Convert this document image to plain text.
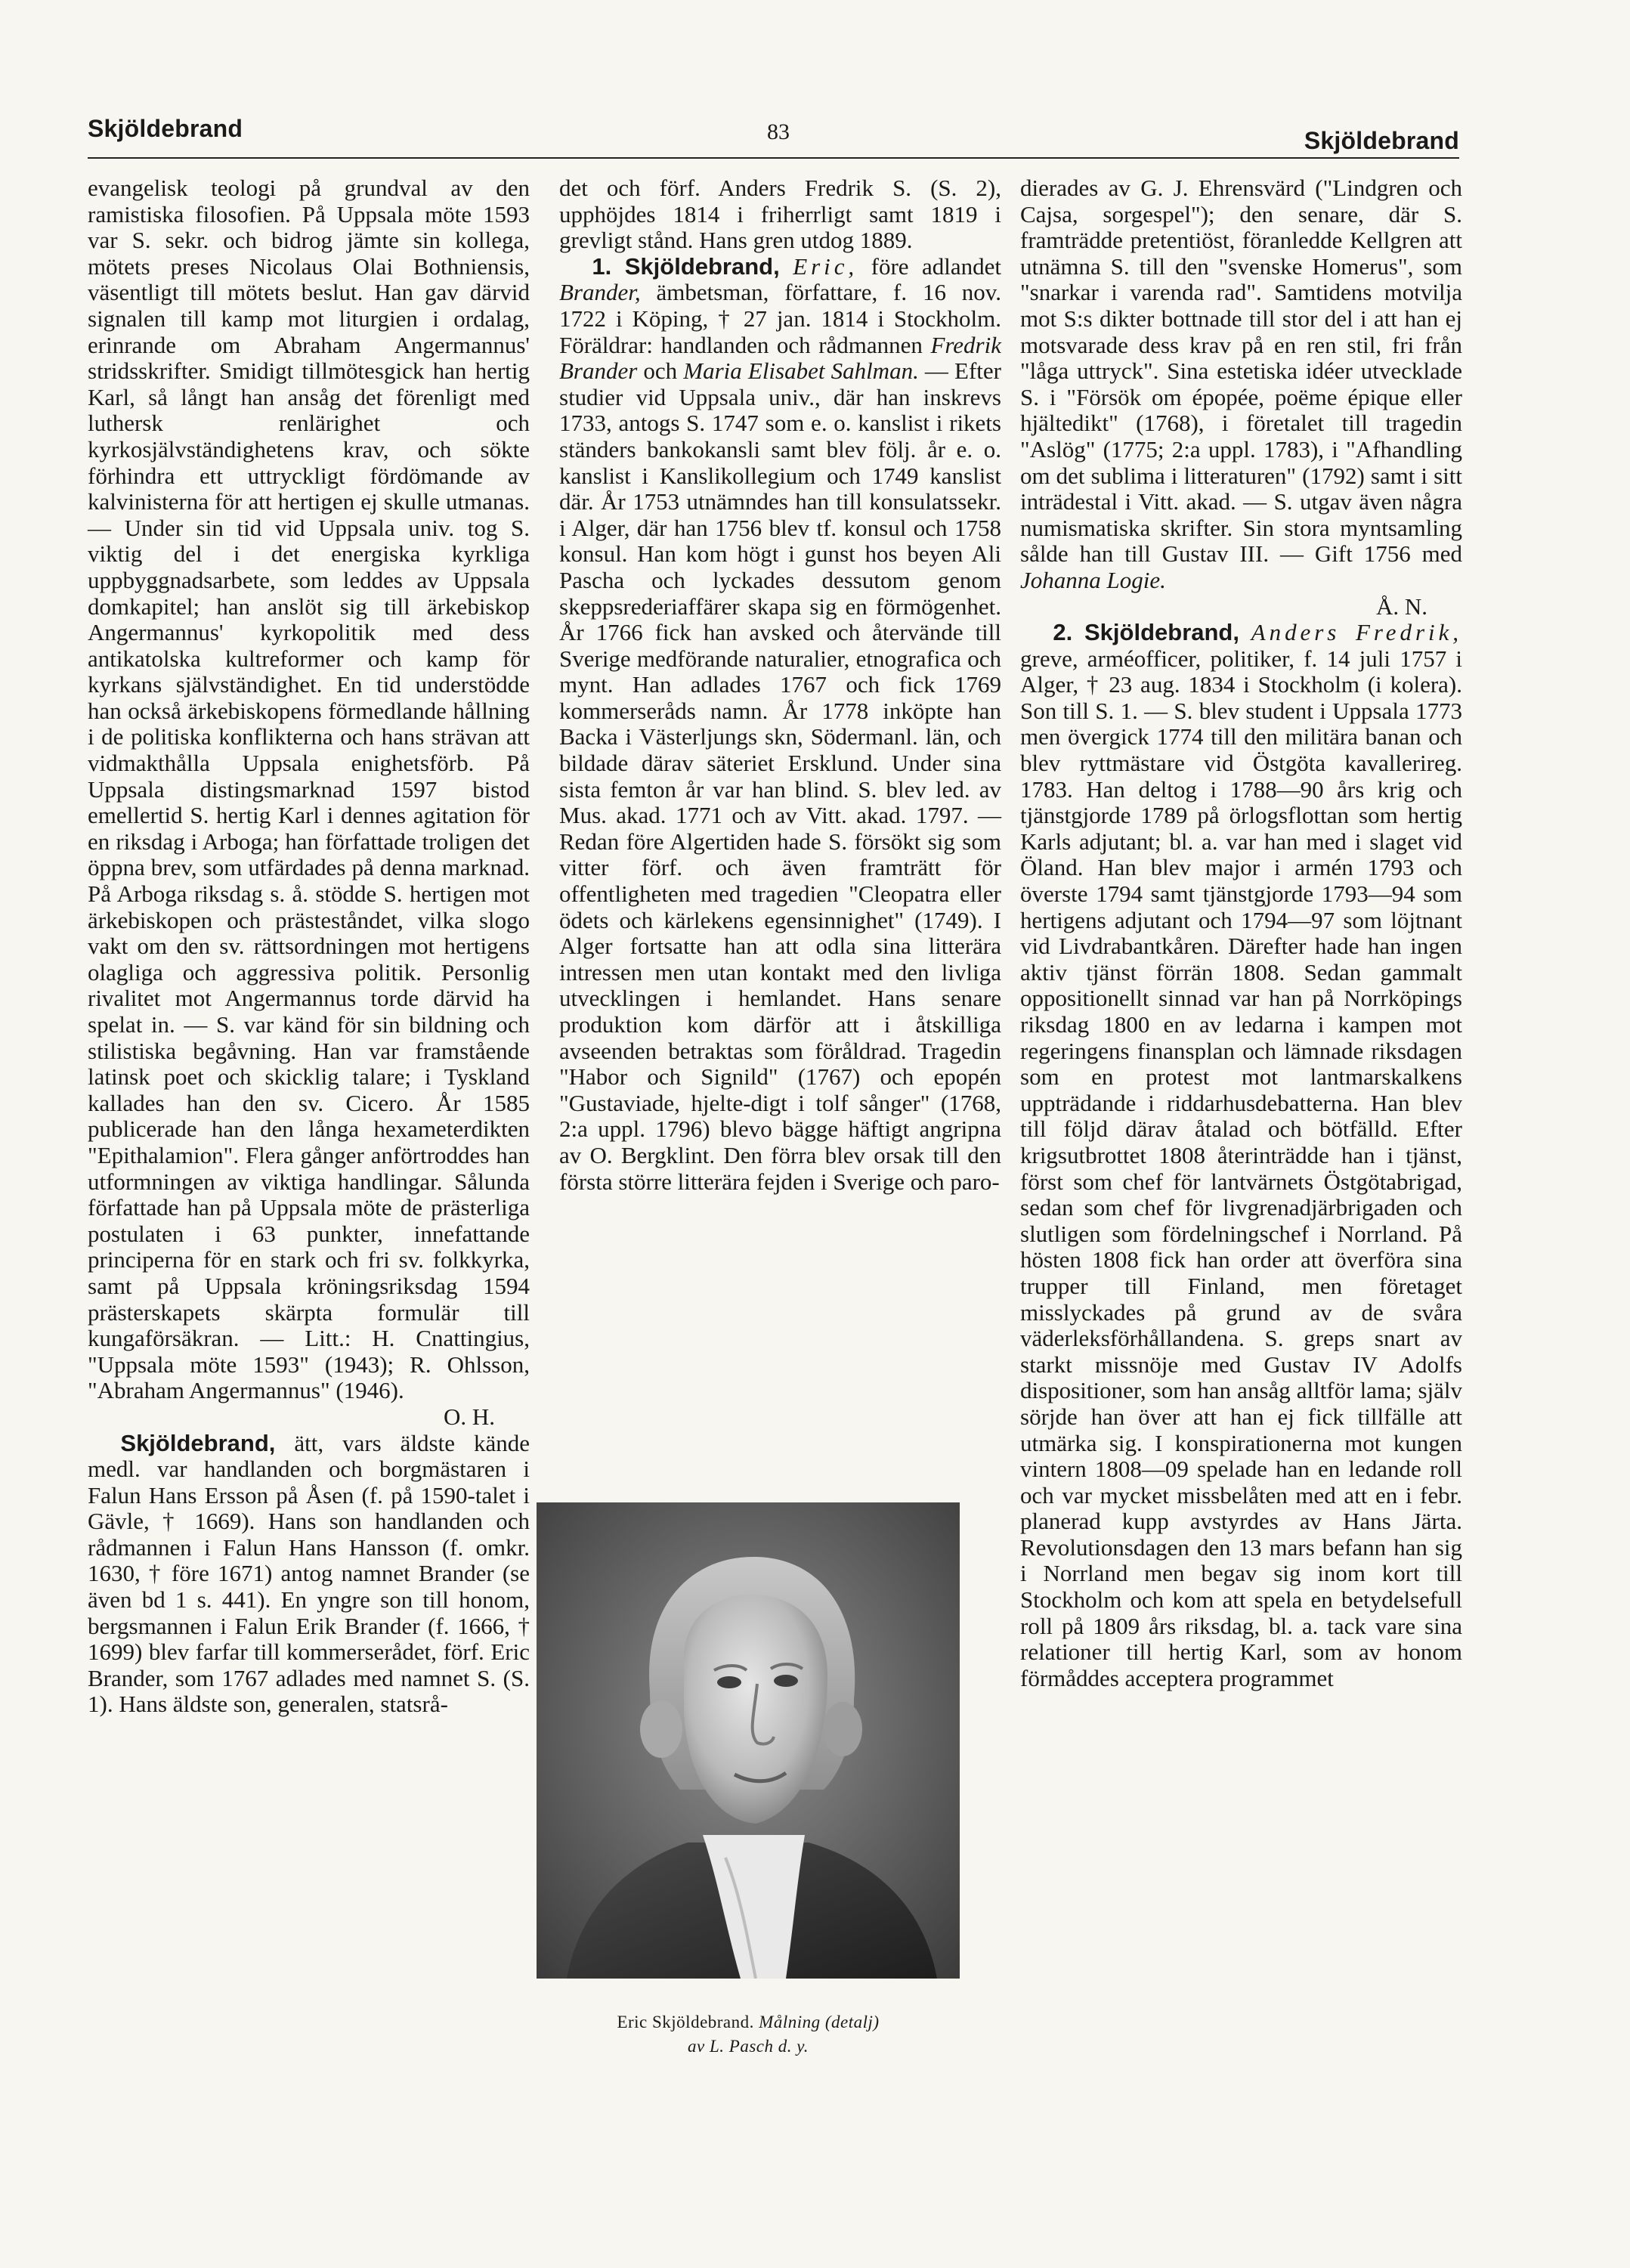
Skjöldebrand	83	Skjöldebrand

evangelisk teologi på grundval av den ramistiska filosofien. På Uppsala möte 1593 var S. sekr. och bidrog jämte sin kollega, mötets preses Nicolaus Olai Bothniensis, väsentligt till mötets beslut. Han gav därvid signalen till kamp mot liturgien i ordalag, erinrande om Abraham Angermannus' stridsskrifter. Smidigt tillmötesgick han hertig Karl, så långt han ansåg det förenligt med luthersk renlärighet och kyrkosjälvständighetens krav, och sökte förhindra ett uttryckligt fördömande av kalvinisterna för att hertigen ej skulle utmanas. — Under sin tid vid Uppsala univ. tog S. viktig del i det energiska kyrkliga uppbyggnadsarbete, som leddes av Uppsala domkapitel; han anslöt sig till ärkebiskop Angermannus' kyrkopolitik med dess antikatolska kultreformer och kamp för kyrkans självständighet. En tid understödde han också ärkebiskopens förmedlande hållning i de politiska konflikterna och hans strävan att vidmakthålla Uppsala enighetsförb. På Uppsala distingsmarknad 1597 bistod emellertid S. hertig Karl i dennes agitation för en riksdag i Arboga; han författade troligen det öppna brev, som utfärdades på denna marknad. På Arboga riksdag s. å. stödde S. hertigen mot ärkebiskopen och prästeståndet, vilka slogo vakt om den sv. rättsordningen mot hertigens olagliga och aggressiva politik. Personlig rivalitet mot Angermannus torde därvid ha spelat in. — S. var känd för sin bildning och stilistiska begåvning. Han var framstående latinsk poet och skicklig talare; i Tyskland kallades han den sv. Cicero. År 1585 publicerade han den långa hexameterdikten "Epithalamion". Flera gånger anförtroddes han utformningen av viktiga handlingar. Sålunda författade han på Uppsala möte de prästerliga postulaten i 63 punkter, innefattande principerna för en stark och fri sv. folkkyrka, samt på Uppsala kröningsriksdag 1594 prästerskapets skärpta formulär till kungaförsäkran. — Litt.: H. Cnattingius, "Uppsala möte 1593" (1943); R. Ohlsson, "Abraham Angermannus" (1946).
O. H.

Skjöldebrand, ätt, vars äldste kände medl. var handlanden och borgmästaren i Falun Hans Ersson på Åsen (f. på 1590-talet i Gävle, † 1669). Hans son handlanden och rådmannen i Falun Hans Hansson (f. omkr. 1630, † före 1671) antog namnet Brander (se även bd 1 s. 441). En yngre son till honom, bergsmannen i Falun Erik Brander (f. 1666, † 1699) blev farfar till kommerserådet, förf. Eric Brander, som 1767 adlades med namnet S. (S. 1). Hans äldste son, generalen, statsrå-

det och förf. Anders Fredrik S. (S. 2), upphöjdes 1814 i friherrligt samt 1819 i grevligt stånd. Hans gren utdog 1889.

1. Skjöldebrand, Eric, före adlandet Brander, ämbetsman, författare, f. 16 nov. 1722 i Köping, † 27 jan. 1814 i Stockholm. Föräldrar: handlanden och rådmannen Fredrik Brander och Maria Elisabet Sahlman. — Efter studier vid Uppsala univ., där han inskrevs 1733, antogs S. 1747 som e. o. kanslist i rikets ständers bankokansli samt blev följ. år e. o. kanslist i Kanslikollegium och 1749 kanslist där. År 1753 utnämndes han till konsulatssekr. i Alger, där han 1756 blev tf. konsul och 1758 konsul. Han kom högt i gunst hos beyen Ali Pascha och lyckades dessutom genom skeppsrederiaffärer skapa sig en förmögenhet. År 1766 fick han avsked och återvände till Sverige medförande naturalier, etnografica och mynt. Han adlades 1767 och fick 1769 kommerseråds namn. År 1778 inköpte han Backa i Västerljungs skn, Södermanl. län, och bildade därav säteriet Ersklund. Under sina sista femton år var han blind. S. blev led. av Mus. akad. 1771 och av Vitt. akad. 1797. — Redan före Algertiden hade S. försökt sig som vitter förf. och även framträtt för offentligheten med tragedien "Cleopatra eller ödets och kärlekens egensinnighet" (1749). I Alger fortsatte han att odla sina litterära intressen men utan kontakt med den livliga utvecklingen i hemlandet. Hans senare produktion kom därför att i åtskilliga avseenden betraktas som föråldrad. Tragedin "Habor och Signild" (1767) och epopén "Gustaviade, hjelte-digt i tolf sånger" (1768, 2:a uppl. 1796) blevo bägge häftigt angripna av O. Bergklint. Den förra blev orsak till den första större litterära fejden i Sverige och paro-

dierades av G. J. Ehrensvärd ("Lindgren och Cajsa, sorgespel"); den senare, där S. framträdde pretentiöst, föranledde Kellgren att utnämna S. till den "svenske Homerus", som "snarkar i varenda rad". Samtidens motvilja mot S:s dikter bottnade till stor del i att han ej motsvarade dess krav på en ren stil, fri från "låga uttryck". Sina estetiska idéer utvecklade S. i "Försök om épopée, poëme épique eller hjältedikt" (1768), i företalet till tragedin "Aslög" (1775; 2:a uppl. 1783), i "Afhandling om det sublima i litteraturen" (1792) samt i sitt inträdestal i Vitt. akad. — S. utgav även några numismatiska skrifter. Sin stora myntsamling sålde han till Gustav III. — Gift 1756 med Johanna Logie.
Å. N.

2. Skjöldebrand, Anders Fredrik, greve, arméofficer, politiker, f. 14 juli 1757 i Alger, † 23 aug. 1834 i Stockholm (i kolera). Son till S. 1. — S. blev student i Uppsala 1773 men övergick 1774 till den militära banan och blev ryttmästare vid Östgöta kavallerireg. 1783. Han deltog i 1788—90 års krig och tjänstgjorde 1789 på örlogsflottan som hertig Karls adjutant; bl. a. var han med i slaget vid Öland. Han blev major i armén 1793 och överste 1794 samt tjänstgjorde 1793—94 som hertigens adjutant och 1794—97 som löjtnant vid Livdrabantkåren. Därefter hade han ingen aktiv tjänst förrän 1808. Sedan gammalt oppositionellt sinnad var han på Norrköpings riksdag 1800 en av ledarna i kampen mot regeringens finansplan och lämnade riksdagen som en protest mot lantmarskalkens uppträdande i riddarhusdebatterna. Han blev till följd därav åtalad och bötfälld. Efter krigsutbrottet 1808 återinträdde han i tjänst, först som chef för lantvärnets Östgötabrigad, sedan som chef för livgrenadjärbrigaden och slutligen som fördelningschef i Norrland. På hösten 1808 fick han order att överföra sina trupper till Finland, men företaget misslyckades på grund av de svåra väderleksförhållandena. S. greps snart av starkt missnöje med Gustav IV Adolfs dispositioner, som han ansåg alltför lama; själv sörjde han över att han ej fick tillfälle att utmärka sig. I konspirationerna mot kungen vintern 1808—09 spelade han en ledande roll och var mycket missbelåten med att en i febr. planerad kupp avstyrdes av Hans Järta. Revolutionsdagen den 13 mars befann han sig i Norrland men begav sig inom kort till Stockholm och kom att spela en betydelsefull roll på 1809 års riksdag, bl. a. tack vare sina relationer till hertig Karl, som av honom förmåddes acceptera programmet

Eric Skjöldebrand. Målning (detalj)
av L. Pasch d. y.
